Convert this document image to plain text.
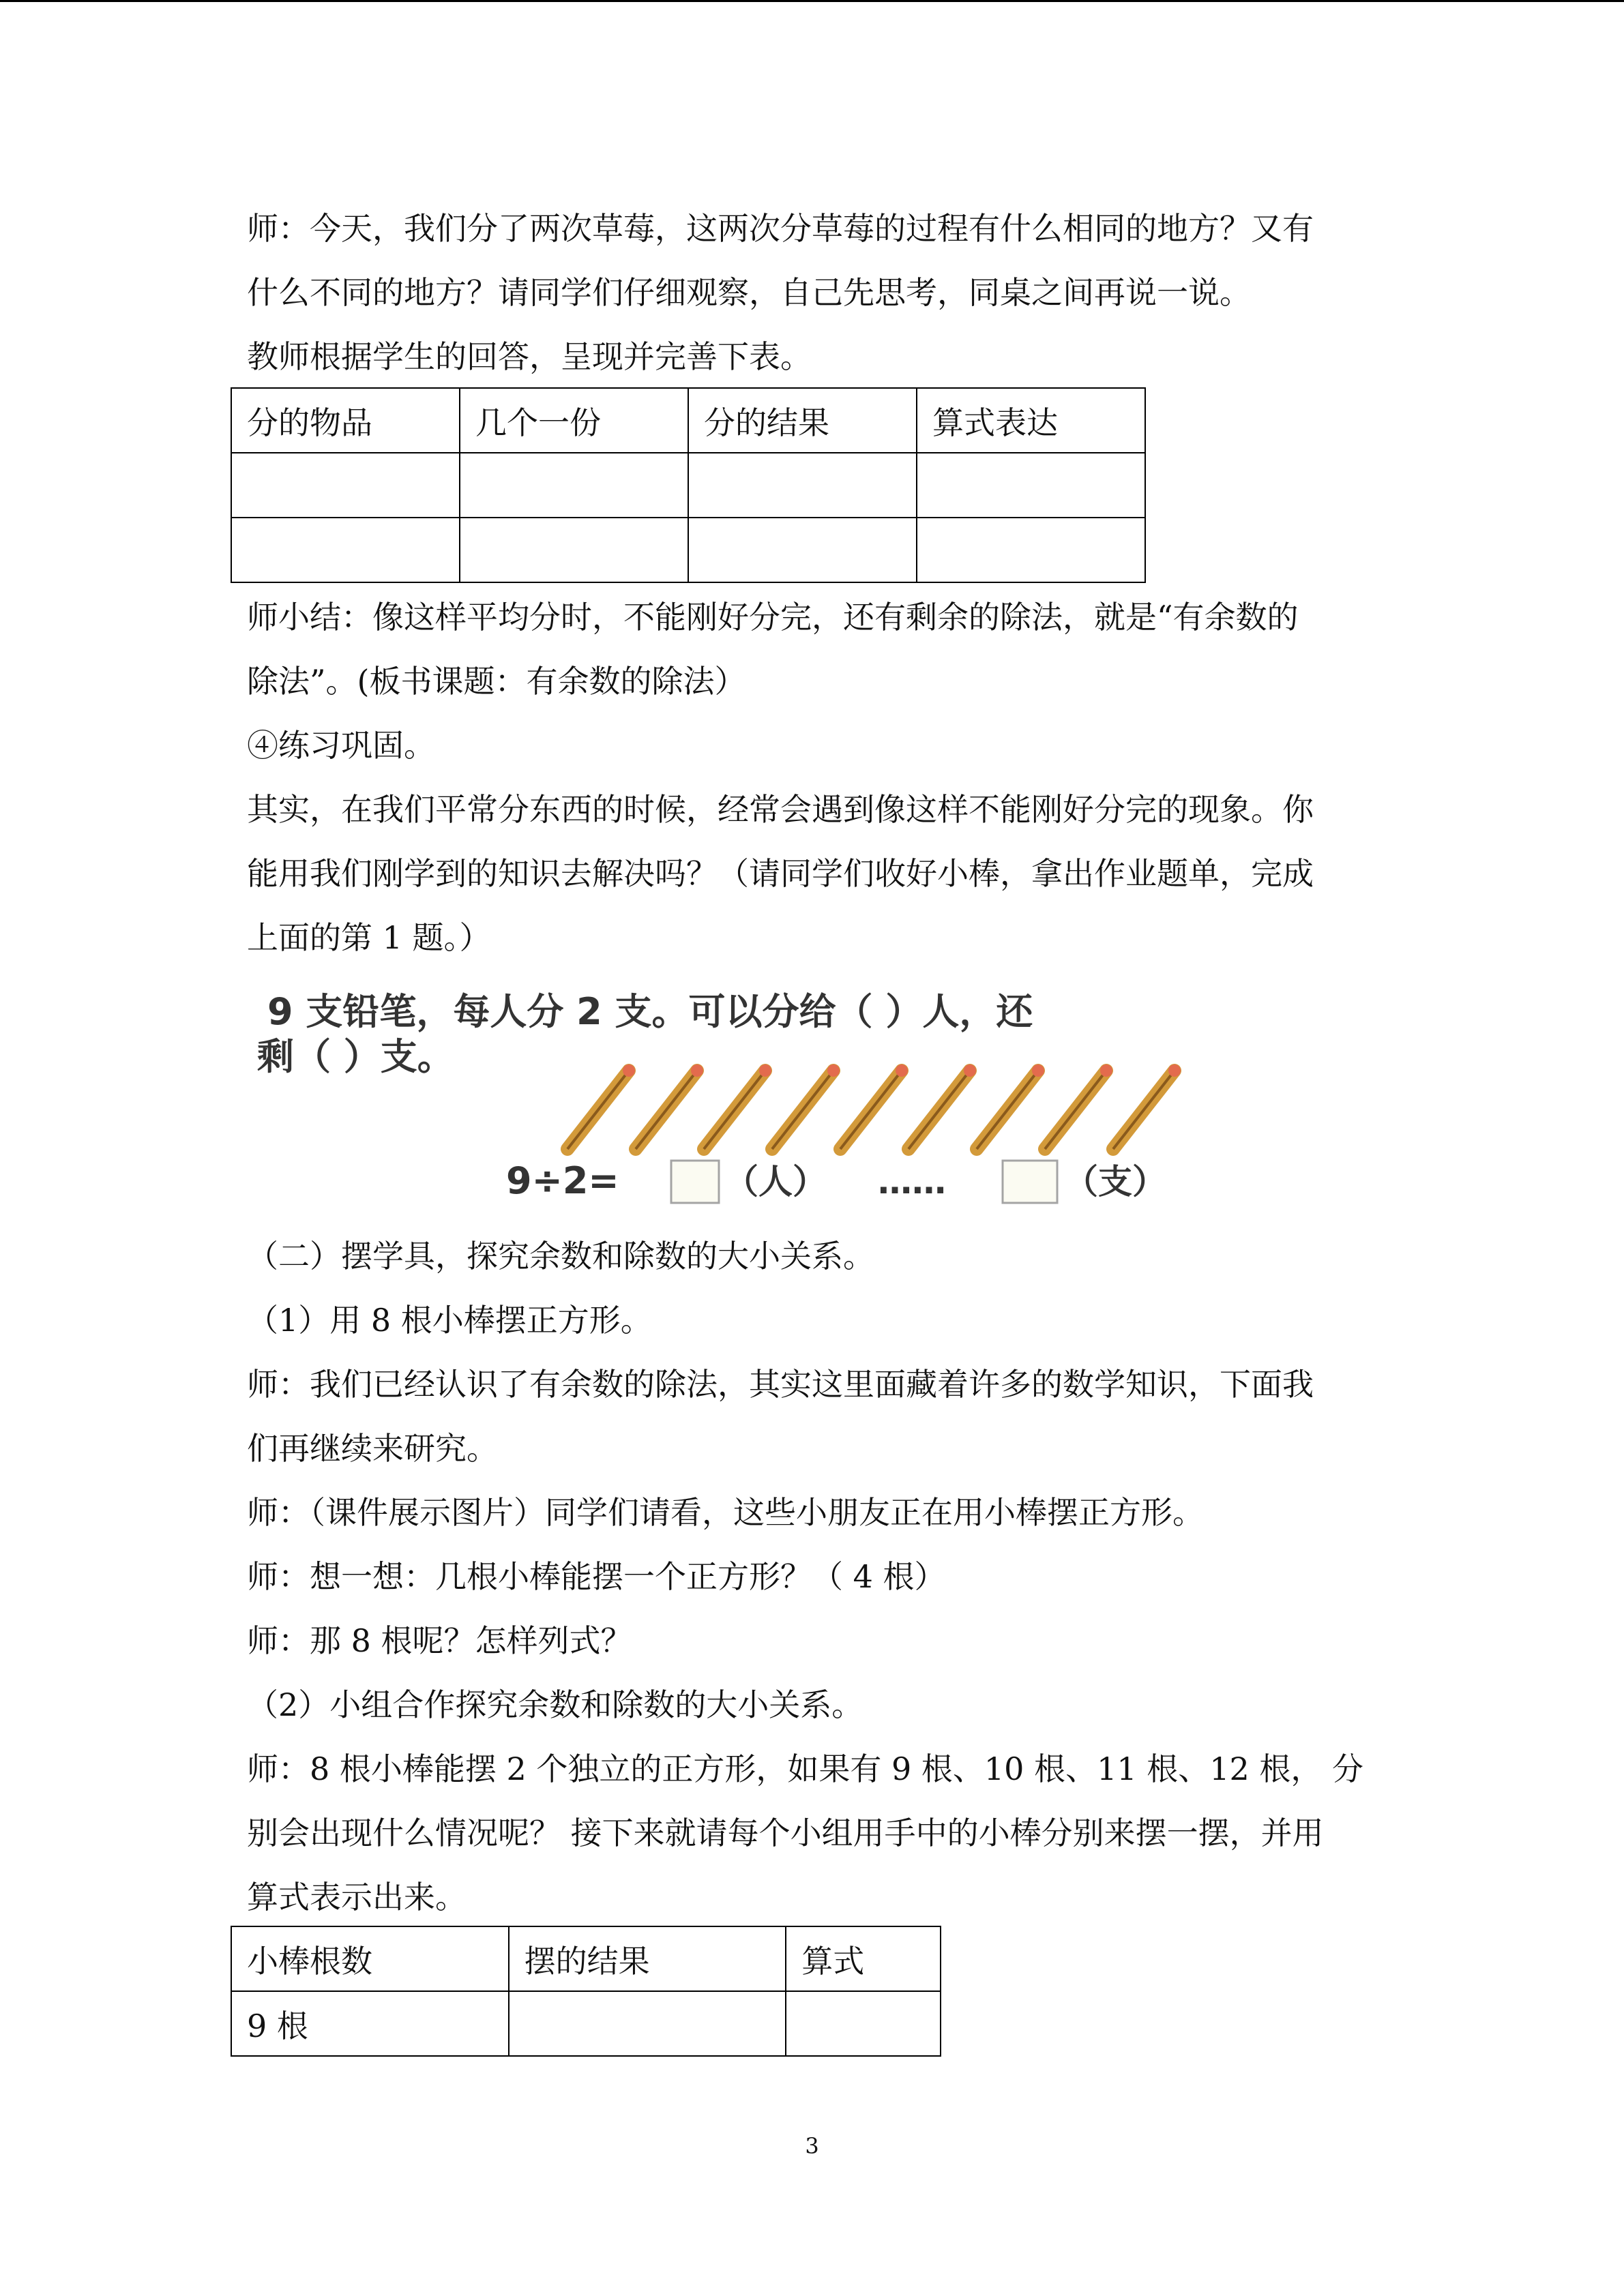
师：今天，我们分了两次草莓，这两次分草莓的过程有什么相同的地方？又有
什么不同的地方？请同学们仔细观察，自己先思考，同桌之间再说一说。
教师根据学生的回答，呈现并完善下表。
分的物品	几个一份	分的结果	算式表达

师小结：像这样平均分时，不能刚好分完，还有剩余的除法，就是“有余数的
除法”。(板书课题：有余数的除法）
④练习巩固。
其实，在我们平常分东西的时候，经常会遇到像这样不能刚好分完的现象。你
能用我们刚学到的知识去解决吗？（请同学们收好小棒，拿出作业题单，完成
上面的第 1 题。）
9 支铅笔，每人分 2 支。可以分给（ ）人，还
剩（ ）支。
9÷2=	（人） ……	（支）
（二）摆学具，探究余数和除数的大小关系。
（1）用 8 根小棒摆正方形。
师：我们已经认识了有余数的除法，其实这里面藏着许多的数学知识，下面我
们再继续来研究。
师：（课件展示图片）同学们请看，这些小朋友正在用小棒摆正方形。
师：想一想：几根小棒能摆一个正方形？（ 4 根）
师：那 8 根呢？怎样列式？
（2）小组合作探究余数和除数的大小关系。
师：8 根小棒能摆 2 个独立的正方形，如果有 9 根、10 根、11 根、12 根， 分
别会出现什么情况呢？ 接下来就请每个小组用手中的小棒分别来摆一摆，并用
算式表示出来。
小棒根数	摆的结果	算式
9 根		
3
